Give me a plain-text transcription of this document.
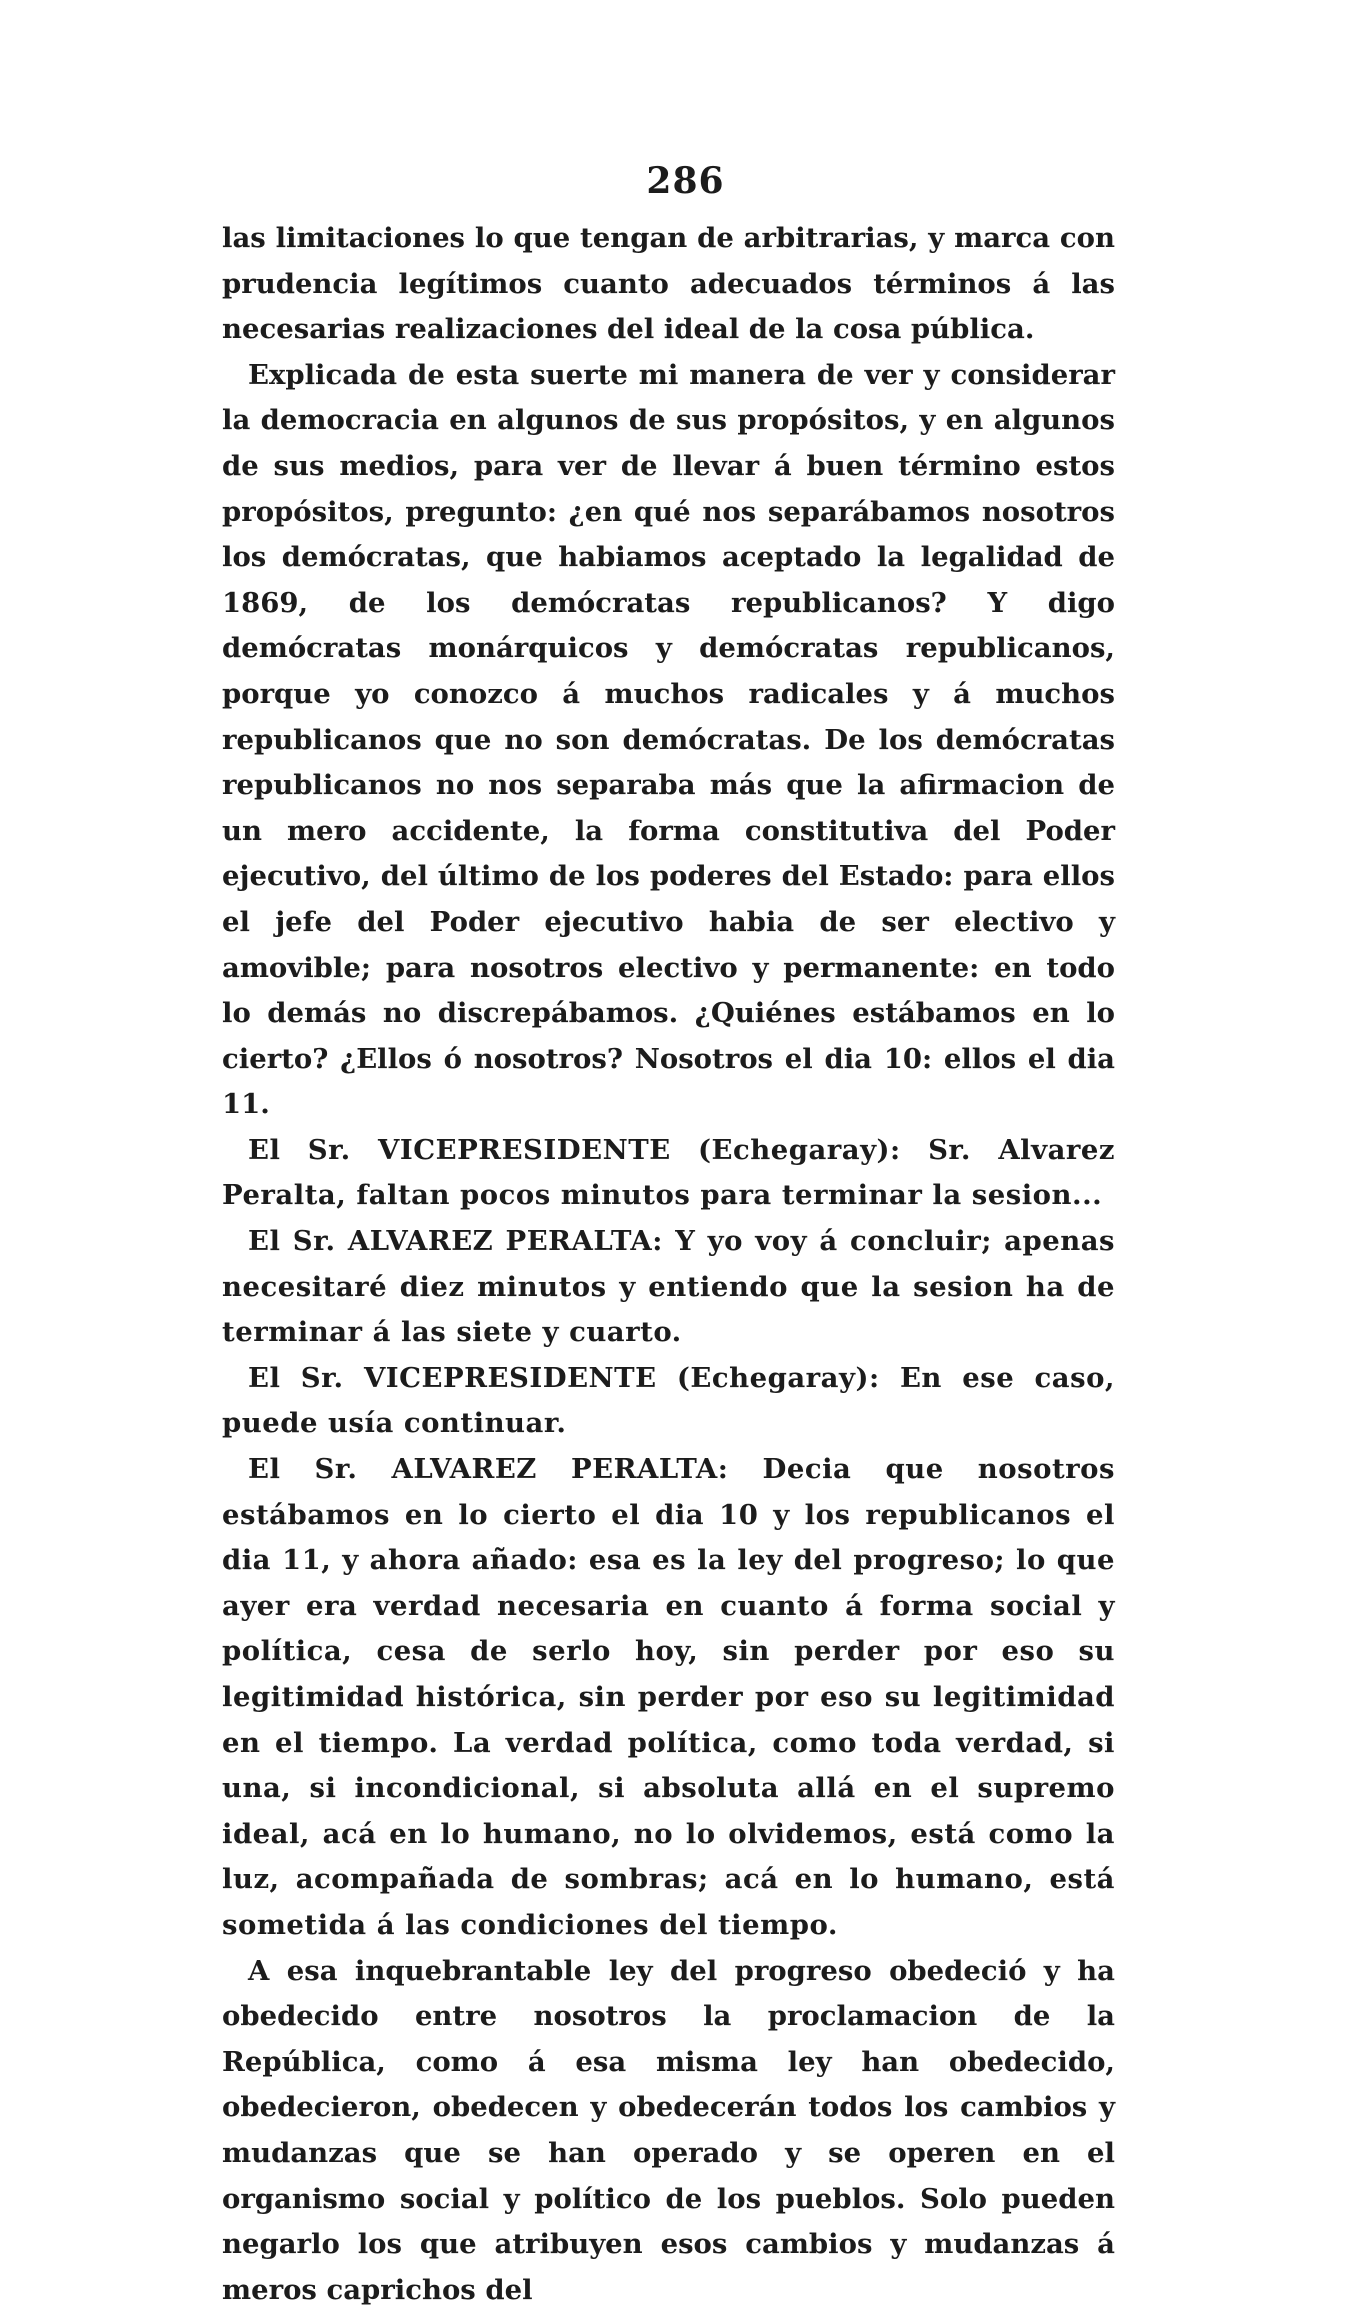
286

las limitaciones lo que tengan de arbitrarias, y marca con prudencia legítimos cuanto adecuados términos á las necesarias realizaciones del ideal de la cosa pública.

Explicada de esta suerte mi manera de ver y considerar la democracia en algunos de sus propósitos, y en algunos de sus medios, para ver de llevar á buen término estos propósitos, pregunto: ¿en qué nos separábamos nosotros los demócratas, que habiamos aceptado la legalidad de 1869, de los demócratas republicanos? Y digo demócratas monárquicos y demócratas republicanos, porque yo conozco á muchos radicales y á muchos republicanos que no son demócratas. De los demócratas republicanos no nos separaba más que la afirmacion de un mero accidente, la forma constitutiva del Poder ejecutivo, del último de los poderes del Estado: para ellos el jefe del Poder ejecutivo habia de ser electivo y amovible; para nosotros electivo y permanente: en todo lo demás no discrepábamos. ¿Quiénes estábamos en lo cierto? ¿Ellos ó nosotros? Nosotros el dia 10: ellos el dia 11.

El Sr. VICEPRESIDENTE (Echegaray): Sr. Alvarez Peralta, faltan pocos minutos para terminar la sesion...

El Sr. ALVAREZ PERALTA: Y yo voy á concluir; apenas necesitaré diez minutos y entiendo que la sesion ha de terminar á las siete y cuarto.

El Sr. VICEPRESIDENTE (Echegaray): En ese caso, puede usía continuar.

El Sr. ALVAREZ PERALTA: Decia que nosotros estábamos en lo cierto el dia 10 y los republicanos el dia 11, y ahora añado: esa es la ley del progreso; lo que ayer era verdad necesaria en cuanto á forma social y política, cesa de serlo hoy, sin perder por eso su legitimidad histórica, sin perder por eso su legitimidad en el tiempo. La verdad política, como toda verdad, si una, si incondicional, si absoluta allá en el supremo ideal, acá en lo humano, no lo olvidemos, está como la luz, acompañada de sombras; acá en lo humano, está sometida á las condiciones del tiempo.

A esa inquebrantable ley del progreso obedeció y ha obedecido entre nosotros la proclamacion de la República, como á esa misma ley han obedecido, obedecieron, obedecen y obedecerán todos los cambios y mudanzas que se han operado y se operen en el organismo social y político de los pueblos. Solo pueden negarlo los que atribuyen esos cambios y mudanzas á meros caprichos del
